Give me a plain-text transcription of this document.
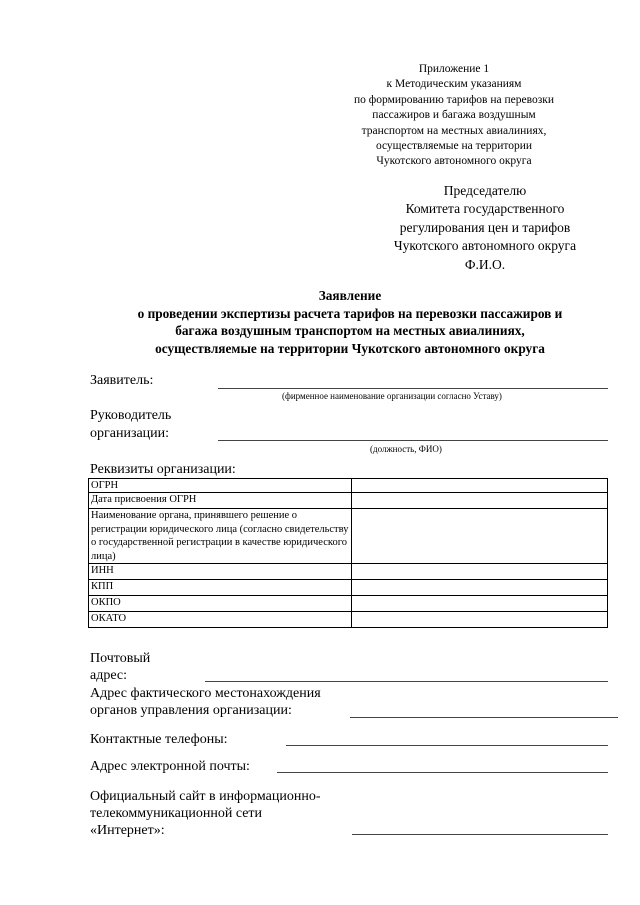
Приложение 1
к Методическим указаниям
по формированию тарифов на перевозки
пассажиров и багажа воздушным
транспортом на местных авиалиниях,
осуществляемые на территории
Чукотского автономного округа
Председателю
Комитета государственного
регулирования цен и тарифов
Чукотского автономного округа
Ф.И.О.
Заявление
о проведении экспертизы расчета тарифов на перевозки пассажиров и
багажа воздушным транспортом на местных авиалиниях,
осуществляемые на территории Чукотского автономного округа
Заявитель:
(фирменное наименование организации согласно Уставу)
Руководитель
организации:
(должность, ФИО)
Реквизиты организации:
ОГРН	
Дата присвоения ОГРН	
Наименование органа, принявшего решение о регистрации юридического лица (согласно свидетельству о государственной регистрации в качестве юридического лица)	
ИНН	
КПП	
ОКПО	
ОКАТО	
Почтовый
адрес:
Адрес фактического местонахождения
органов управления организации:
Контактные телефоны:
Адрес электронной почты:
Официальный сайт в информационно-
телекоммуникационной сети
«Интернет»:
